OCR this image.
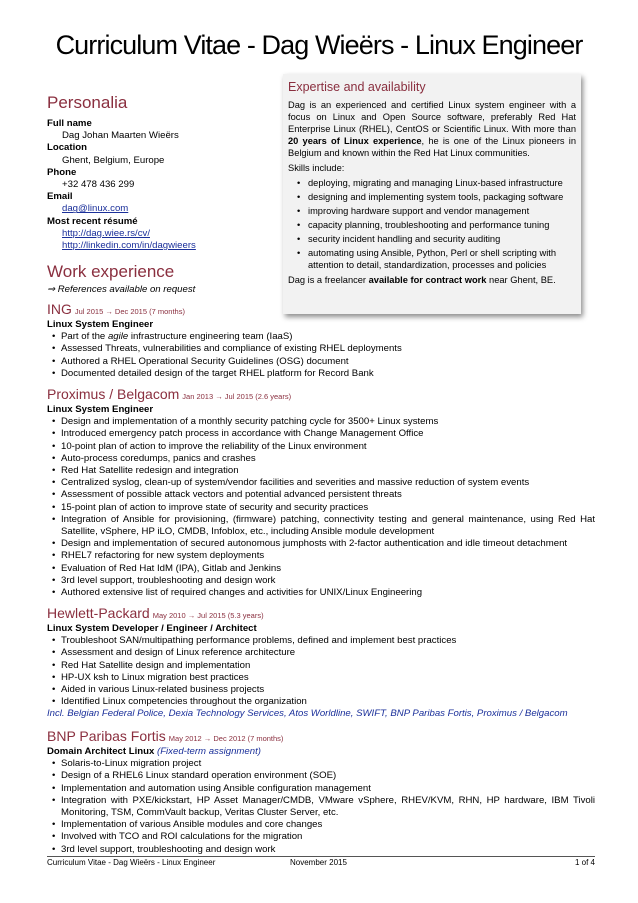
Curriculum Vitae - Dag Wieërs - Linux Engineer
Personalia
Full name
Dag Johan Maarten Wieërs
Location
Ghent, Belgium, Europe
Phone
+32 478 436 299
Email
dag@linux.com
Most recent résumé
http://dag.wiee.rs/cv/
http://linkedin.com/in/dagwieers
Expertise and availability

Dag is an experienced and certified Linux system engineer with a focus on Linux and Open Source software, preferably Red Hat Enterprise Linux (RHEL), CentOS or Scientific Linux. With more than 20 years of Linux experience, he is one of the Linux pioneers in Belgium and known within the Red Hat Linux communities.

Skills include:

• deploying, migrating and managing Linux-based infrastructure
• designing and implementing system tools, packaging software
• improving hardware support and vendor management
• capacity planning, troubleshooting and performance tuning
• security incident handling and security auditing
• automating using Ansible, Python, Perl or shell scripting with attention to detail, standardization, processes and policies

Dag is a freelancer available for contract work near Ghent, BE.

Work experience
⇒ References available on request
ING Jul 2015 → Dec 2015 (7 months)
Linux System Engineer
• Part of the agile infrastructure engineering team (IaaS)
• Assessed Threats, vulnerabilities and compliance of existing RHEL deployments
• Authored a RHEL Operational Security Guidelines (OSG) document
• Documented detailed design of the target RHEL platform for Record Bank
Proximus / Belgacom Jan 2013 → Jul 2015 (2.6 years)
Linux System Engineer
• Design and implementation of a monthly security patching cycle for 3500+ Linux systems
• Introduced emergency patch process in accordance with Change Management Office
• 10-point plan of action to improve the reliability of the Linux environment
• Auto-process coredumps, panics and crashes
• Red Hat Satellite redesign and integration
• Centralized syslog, clean-up of system/vendor facilities and severities and massive reduction of system events
• Assessment of possible attack vectors and potential advanced persistent threats
• 15-point plan of action to improve state of security and security practices
• Integration of Ansible for provisioning, (firmware) patching, connectivity testing and general maintenance, using Red Hat Satellite, vSphere, HP iLO, CMDB, Infoblox, etc., including Ansible module development
• Design and implementation of secured autonomous jumphosts with 2-factor authentication and idle timeout detachment
• RHEL7 refactoring for new system deployments
• Evaluation of Red Hat IdM (IPA), Gitlab and Jenkins
• 3rd level support, troubleshooting and design work
• Authored extensive list of required changes and activities for UNIX/Linux Engineering
Hewlett-Packard May 2010 → Jul 2015 (5.3 years)
Linux System Developer / Engineer / Architect
• Troubleshoot SAN/multipathing performance problems, defined and implement best practices
• Assessment and design of Linux reference architecture
• Red Hat Satellite design and implementation
• HP-UX ksh to Linux migration best practices
• Aided in various Linux-related business projects
• Identified Linux competencies throughout the organization
Incl. Belgian Federal Police, Dexia Technology Services, Atos Worldline, SWIFT, BNP Paribas Fortis, Proximus / Belgacom
BNP Paribas Fortis May 2012 → Dec 2012 (7 months)
Domain Architect Linux (Fixed-term assignment)
• Solaris-to-Linux migration project
• Design of a RHEL6 Linux standard operation environment (SOE)
• Implementation and automation using Ansible configuration management
• Integration with PXE/kickstart, HP Asset Manager/CMDB, VMware vSphere, RHEV/KVM, RHN, HP hardware, IBM Tivoli Monitoring, TSM, CommVault backup, Veritas Cluster Server, etc.
• Implementation of various Ansible modules and core changes
• Involved with TCO and ROI calculations for the migration
• 3rd level support, troubleshooting and design work
Curriculum Vitae - Dag Wieërs - Linux Engineer	November 2015	1 of 4
